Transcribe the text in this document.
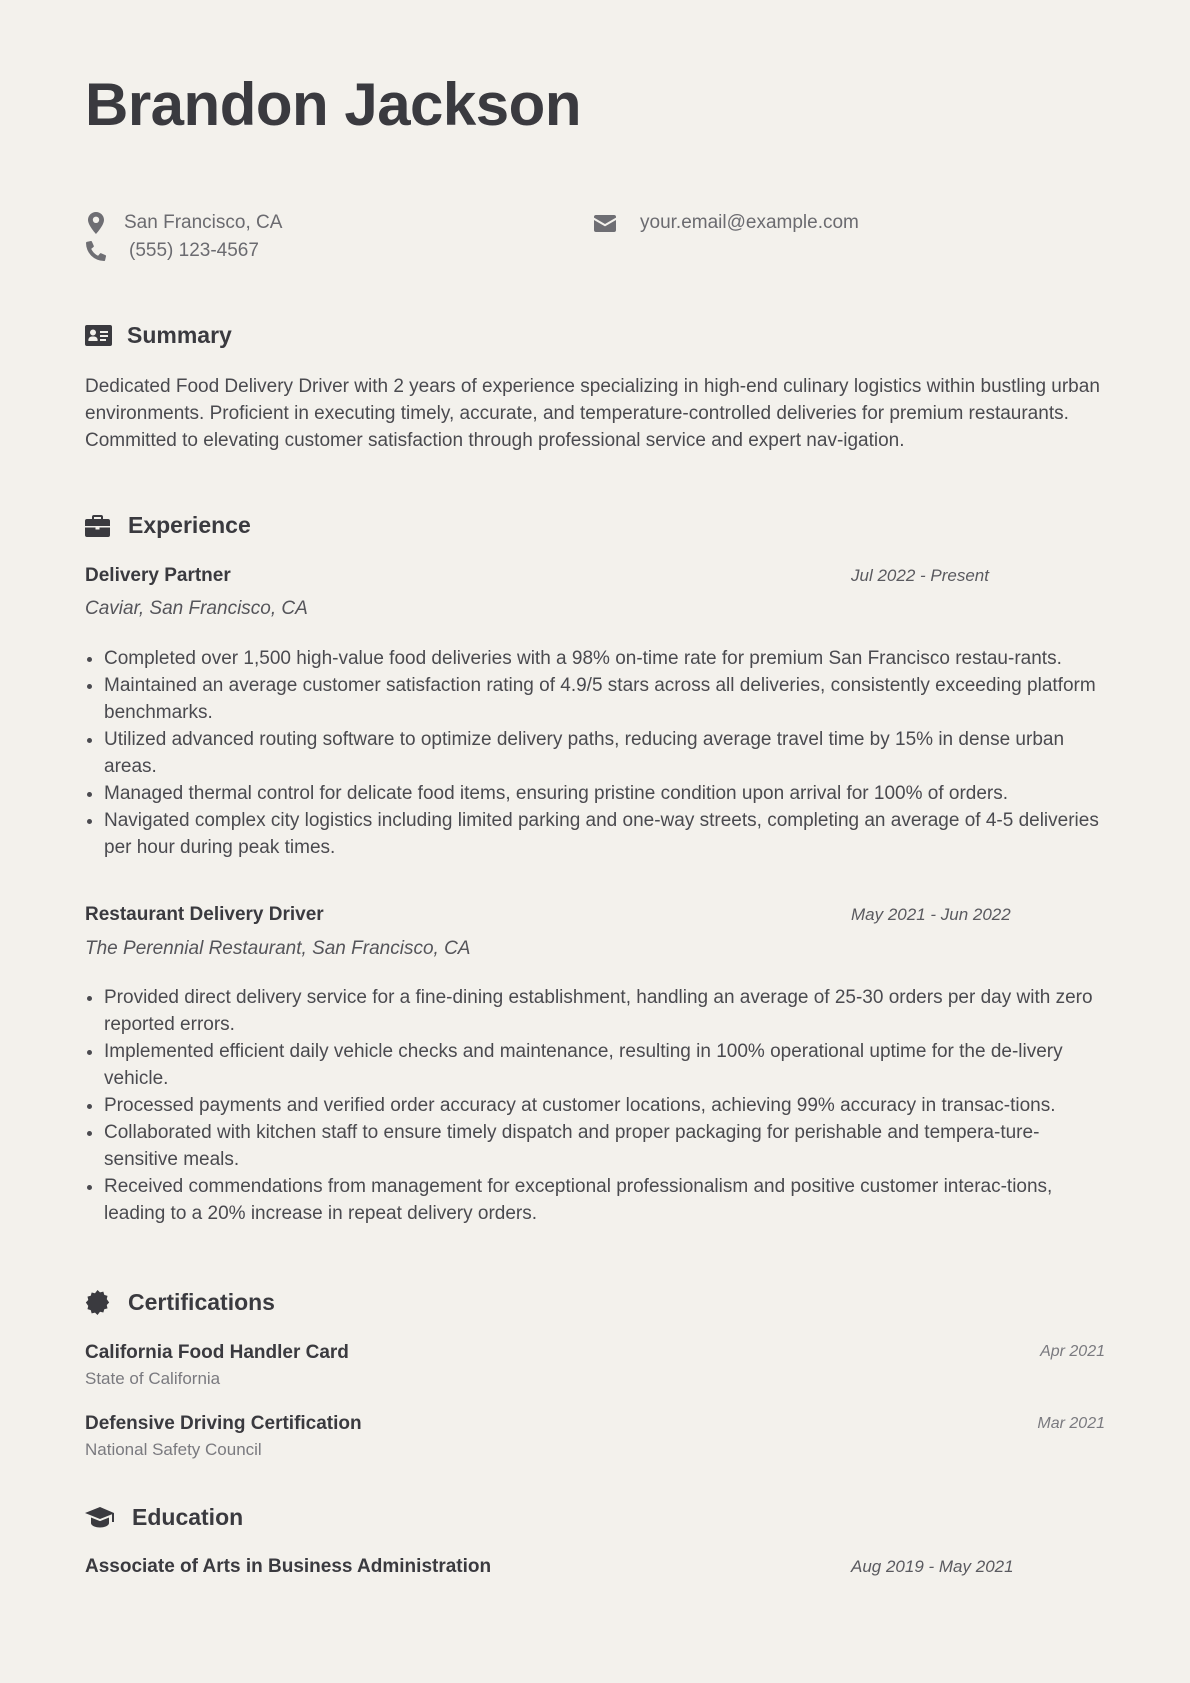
Brandon Jackson
San Francisco, CA	your.email@example.com
(555) 123-4567
Summary

Dedicated Food Delivery Driver with 2 years of experience specializing in high-end culinary logistics within bustling urban environments. Proficient in executing timely, accurate, and temperature-controlled deliveries for premium restaurants. Committed to elevating customer satisfaction through professional service and expert nav-igation.

Experience
Delivery Partner	Jul 2022 - Present
Caviar, San Francisco, CA
Completed over 1,500 high-value food deliveries with a 98% on-time rate for premium San Francisco restau-rants.
Maintained an average customer satisfaction rating of 4.9/5 stars across all deliveries, consistently exceeding platform benchmarks.
Utilized advanced routing software to optimize delivery paths, reducing average travel time by 15% in dense urban areas.
Managed thermal control for delicate food items, ensuring pristine condition upon arrival for 100% of orders.
Navigated complex city logistics including limited parking and one-way streets, completing an average of 4-5 deliveries per hour during peak times.
Restaurant Delivery Driver	May 2021 - Jun 2022
The Perennial Restaurant, San Francisco, CA
Provided direct delivery service for a fine-dining establishment, handling an average of 25-30 orders per day with zero reported errors.
Implemented efficient daily vehicle checks and maintenance, resulting in 100% operational uptime for the de-livery vehicle.
Processed payments and verified order accuracy at customer locations, achieving 99% accuracy in transac-tions.
Collaborated with kitchen staff to ensure timely dispatch and proper packaging for perishable and tempera-ture-sensitive meals.
Received commendations from management for exceptional professionalism and positive customer interac-tions, leading to a 20% increase in repeat delivery orders.
Certifications
California Food Handler Card
State of California
Apr 2021
Defensive Driving Certification
National Safety Council
Mar 2021
Education
Associate of Arts in Business Administration	Aug 2019 - May 2021
